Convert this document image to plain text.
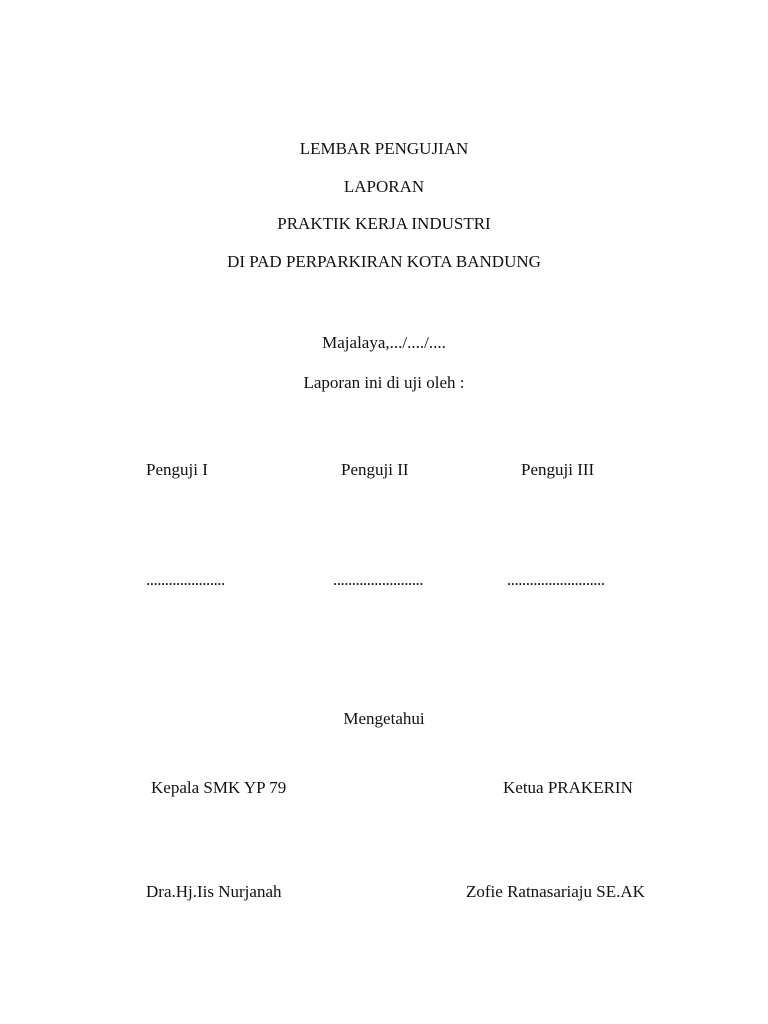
LEMBAR PENGUJIAN
LAPORAN
PRAKTIK KERJA INDUSTRI
DI PAD PERPARKIRAN KOTA BANDUNG
Majalaya,.../..../....
Laporan ini di uji oleh :
Penguji I	Penguji II	Penguji III
.....................	........................	..........................
Mengetahui
Kepala SMK YP 79	Ketua PRAKERIN
Dra.Hj.Iis Nurjanah	Zofie Ratnasariaju SE.AK
